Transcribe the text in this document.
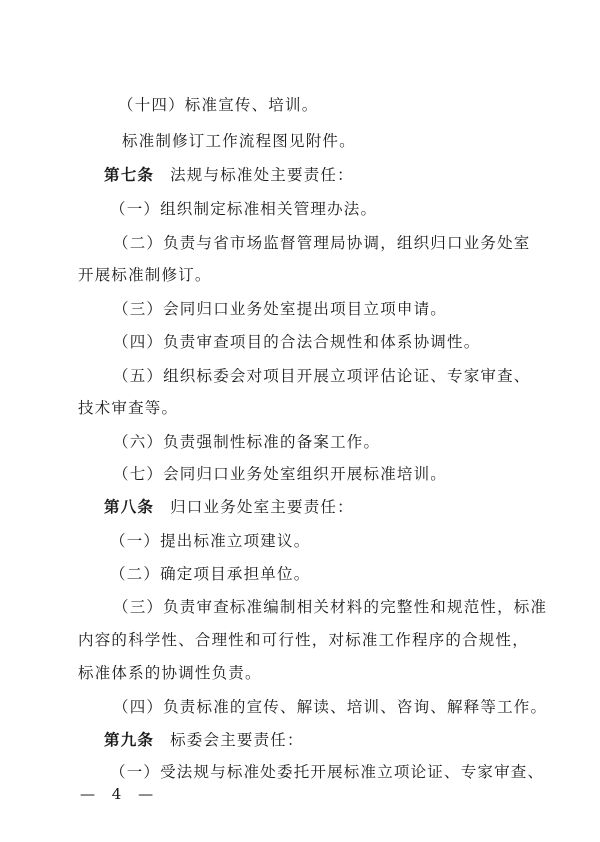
（十四）标准宣传、培训。
标准制修订工作流程图见附件。
第七条 法规与标准处主要责任：
（一）组织制定标准相关管理办法。
（二）负责与省市场监督管理局协调，组织归口业务处室
开展标准制修订。
（三）会同归口业务处室提出项目立项申请。
（四）负责审查项目的合法合规性和体系协调性。
（五）组织标委会对项目开展立项评估论证、专家审查、
技术审查等。
（六）负责强制性标准的备案工作。
（七）会同归口业务处室组织开展标准培训。
第八条 归口业务处室主要责任：
（一）提出标准立项建议。
（二）确定项目承担单位。
（三）负责审查标准编制相关材料的完整性和规范性，标准
内容的科学性、合理性和可行性，对标准工作程序的合规性，
标准体系的协调性负责。
（四）负责标准的宣传、解读、培训、咨询、解释等工作。
第九条 标委会主要责任：
（一）受法规与标准处委托开展标准立项论证、专家审查、
— 4 —
